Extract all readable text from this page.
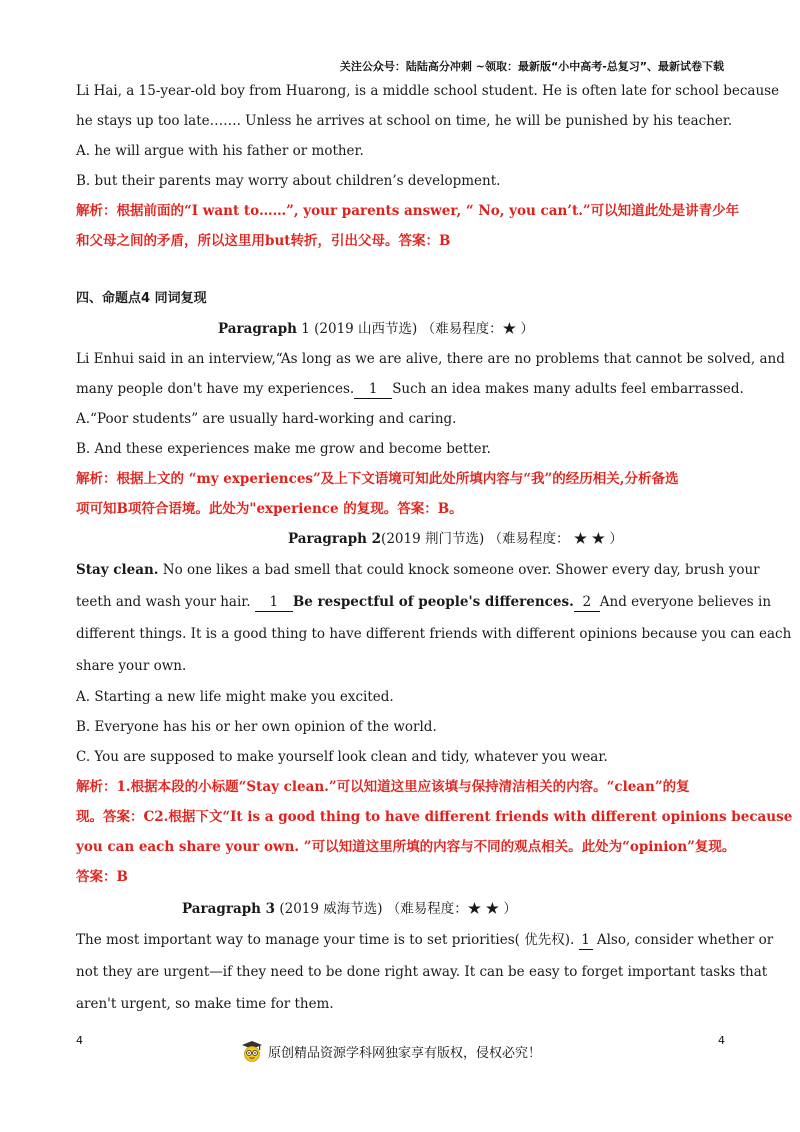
关注公众号：陆陆高分冲刺 ~领取：最新版“小中高考-总复习”、最新试卷下载
Li Hai, a 15-year-old boy from Huarong, is a middle school student. He is often late for school because
he stays up too late……. Unless he arrives at school on time, he will be punished by his teacher.
A. he will argue with his father or mother.
B. but their parents may worry about children’s development.
解析：根据前面的“I want to……”, your parents answer, “ No, you can’t.”可以知道此处是讲青少年
和父母之间的矛盾，所以这里用but转折，引出父母。答案：B
四、命题点4 同词复现
Paragraph 1 (2019 山西节选) （难易程度：★ ）
Li Enhui said in an interview,“As long as we are alive, there are no problems that cannot be solved, and
many people don't have my experiences. 1 Such an idea makes many adults feel embarrassed.
A.“Poor students” are usually hard-working and caring.
B. And these experiences make me grow and become better.
解析：根据上文的 “my experiences”及上下文语境可知此处所填内容与“我”的经历相关,分析备选
项可知B项符合语境。此处为"experience 的复现。答案：B。
Paragraph 2(2019 荆门节选) （难易程度： ★ ★ ）
Stay clean. No one likes a bad smell that could knock someone over. Shower every day, brush your
teeth and wash your hair. 1 Be respectful of people's differences. 2 And everyone believes in
different things. It is a good thing to have different friends with different opinions because you can each
share your own.
A. Starting a new life might make you excited.
B. Everyone has his or her own opinion of the world.
C. You are supposed to make yourself look clean and tidy, whatever you wear.
解析：1.根据本段的小标题“Stay clean.”可以知道这里应该填与保持清洁相关的内容。“clean”的复
现。答案：C2.根据下文“It is a good thing to have different friends with different opinions because
you can each share your own. ”可以知道这里所填的内容与不同的观点相关。此处为“opinion”复现。
答案：B
Paragraph 3 (2019 威海节选) （难易程度：★ ★ ）
The most important way to manage your time is to set priorities( 优先权). 1 Also, consider whether or
not they are urgent—if they need to be done right away. It can be easy to forget important tasks that
aren't urgent, so make time for them.
4	4
原创精品资源学科网独家享有版权，侵权必究！
